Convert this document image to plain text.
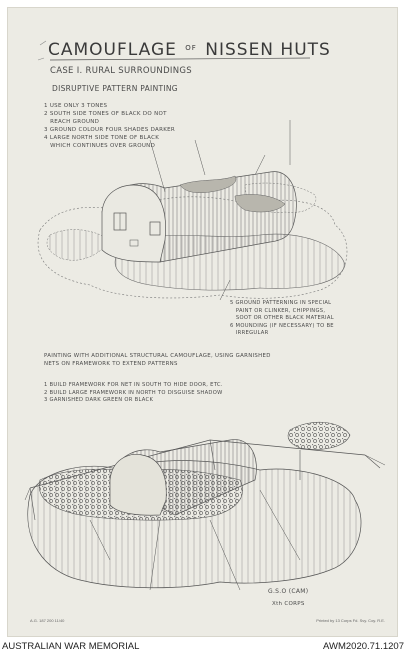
CAMOUFLAGE $^{OF}$ NISSEN HUTS
CASE I. RURAL SURROUNDINGS
DISRUPTIVE PATTERN PAINTING
1 USE ONLY 3 TONES
2 SOUTH SIDE TONES OF BLACK DO NOT
REACH GROUND
3 GROUND COLOUR FOUR SHADES DARKER
4 LARGE NORTH SIDE TONE OF BLACK
WHICH CONTINUES OVER GROUND
5 GROUND PATTERNING IN SPECIAL
PAINT OR CLINKER, CHIPPINGS,
SOOT OR OTHER BLACK MATERIAL
6 MOUNDING (IF NECESSARY) TO BE
IRREGULAR
PAINTING WITH ADDITIONAL STRUCTURAL CAMOUFLAGE, USING GARNISHED
NETS ON FRAMEWORK TO EXTEND PATTERNS
1 BUILD FRAMEWORK FOR NET IN SOUTH TO HIDE DOOR, ETC.
2 BUILD LARGE FRAMEWORK IN NORTH TO DISGUISE SHADOW
3 GARNISHED DARK GREEN OR BLACK
G.S.O (CAM)
Xth CORPS
A.G. 187 200 11/40	Printed by 13 Corps Fd. Svy. Coy. R.E.
AUSTRALIAN WAR MEMORIAL	AWM2020.71.1207
